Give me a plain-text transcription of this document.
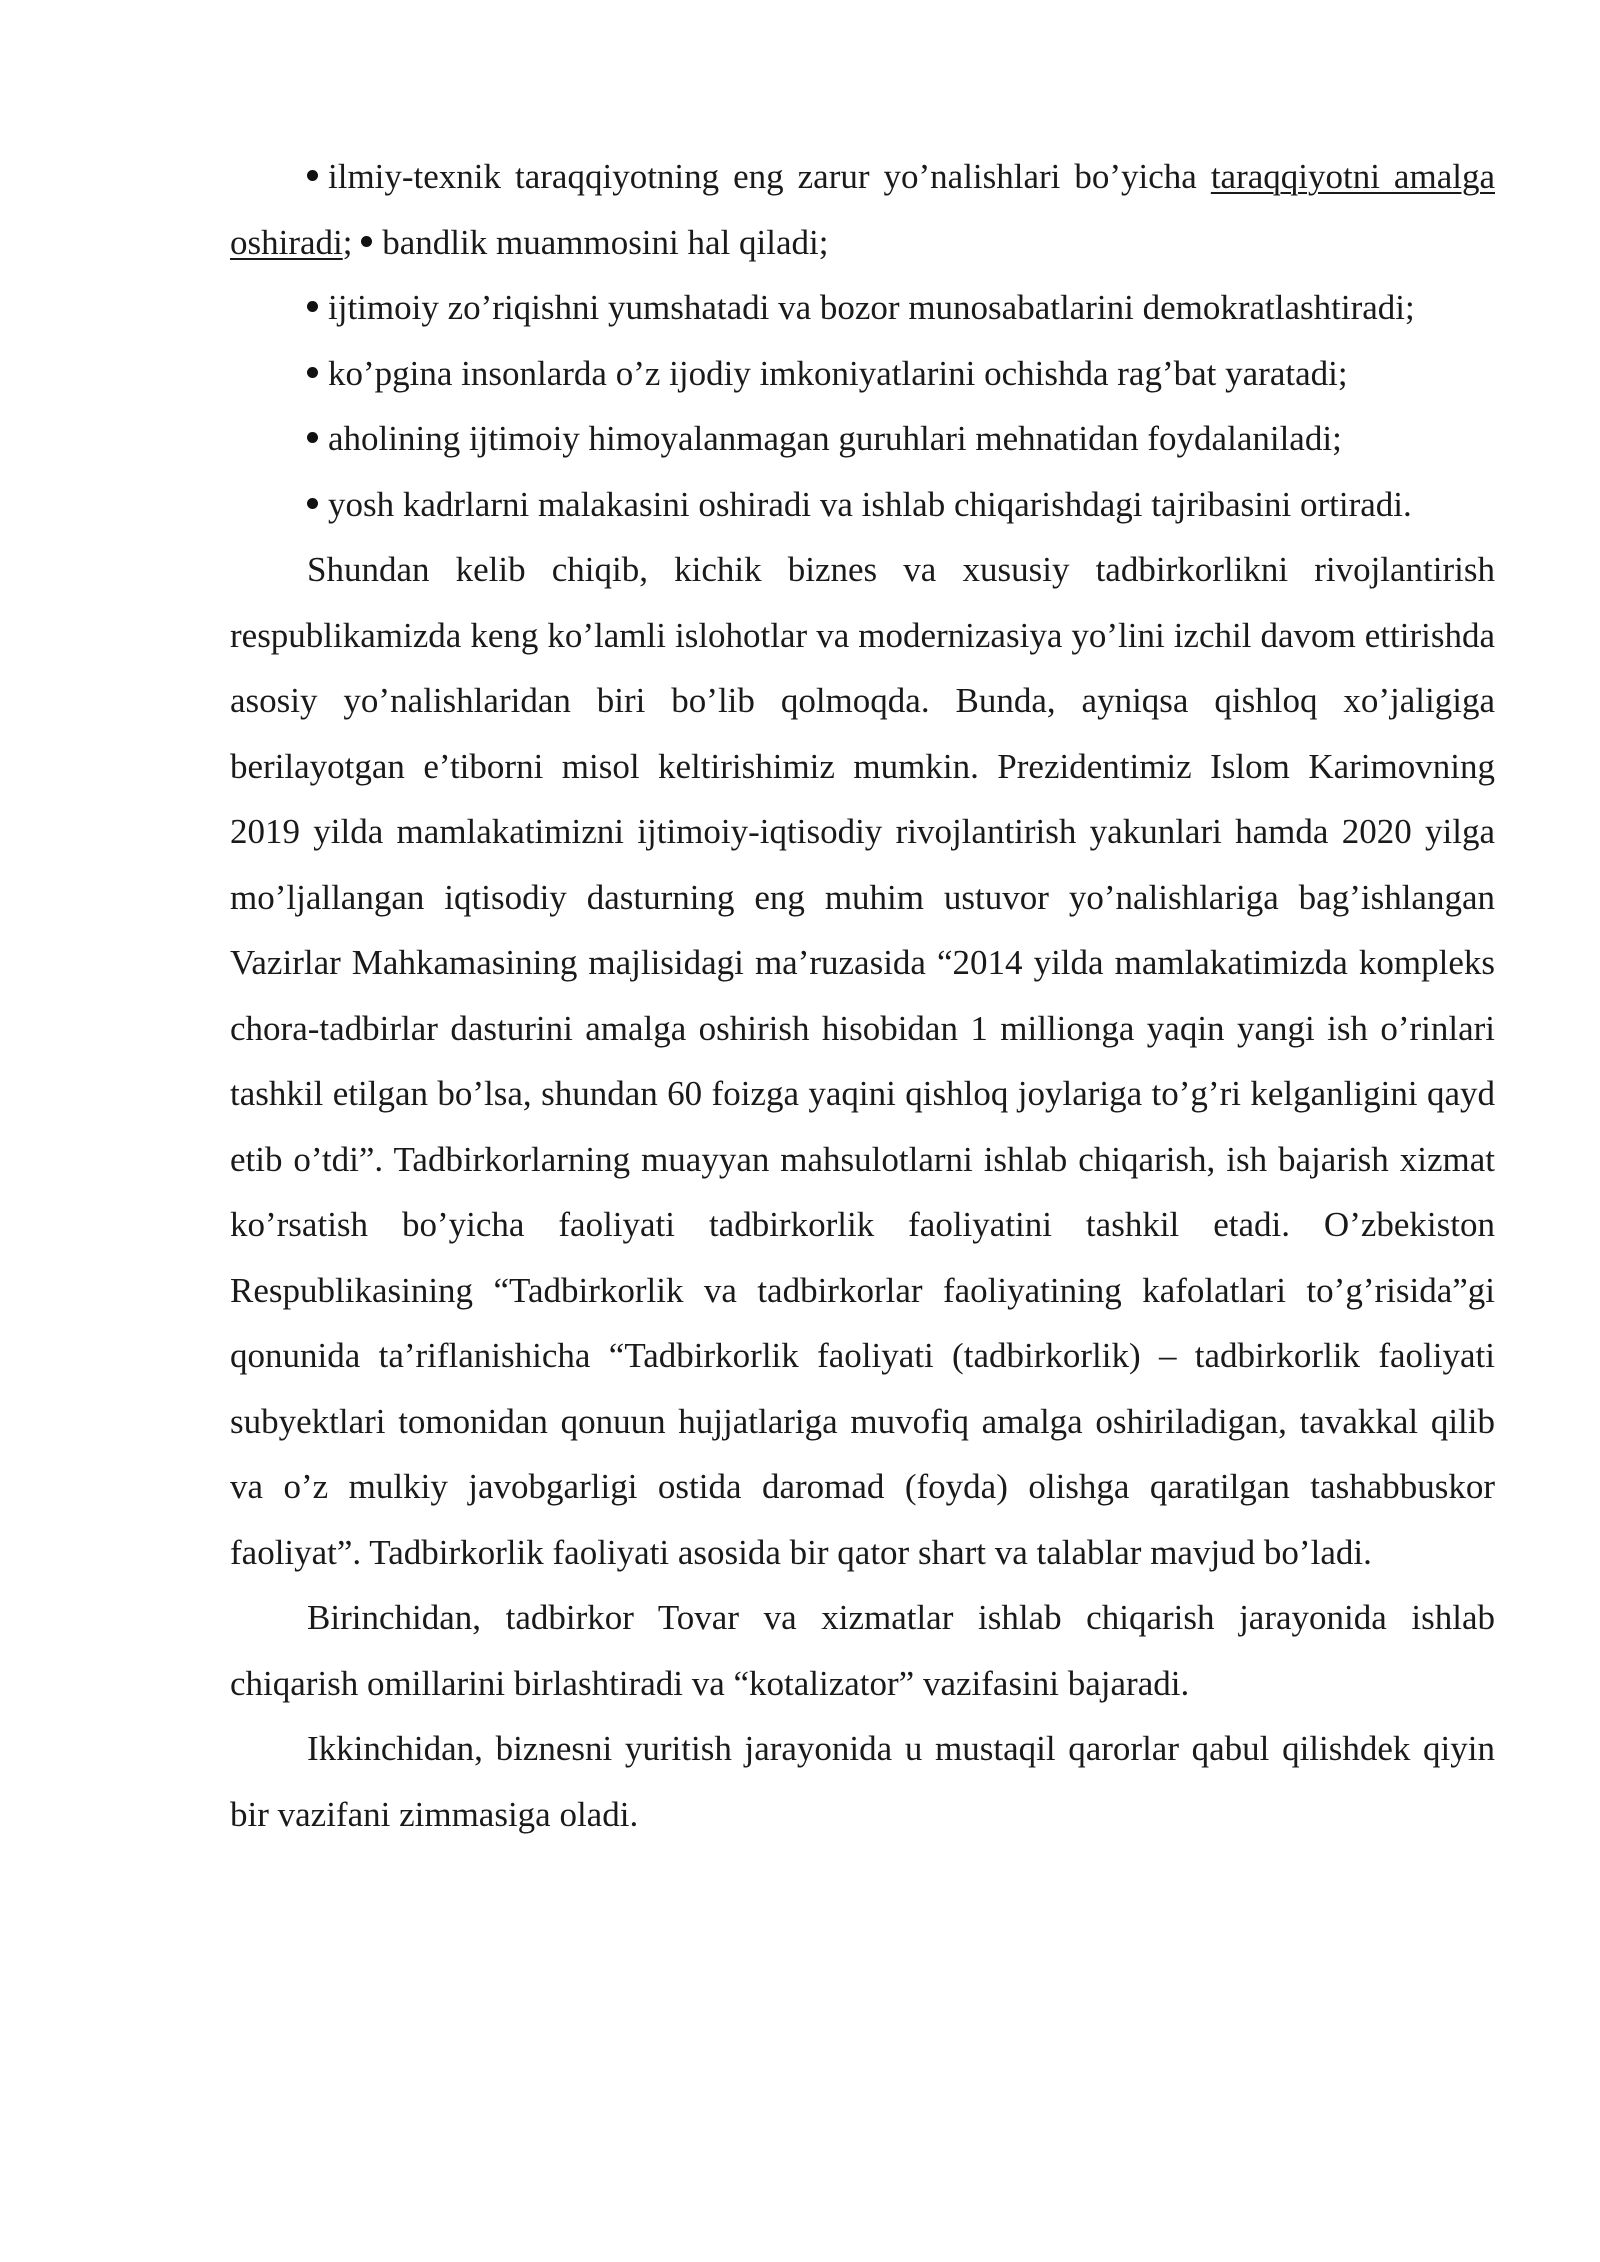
ilmiy-texnik taraqqiyotning eng zarur yo’nalishlari bo’yicha taraqqiyotni amalga oshiradi; bandlik muammosini hal qiladi;

ijtimoiy zo’riqishni yumshatadi va bozor munosabatlarini demokratlashtiradi;

ko’pgina insonlarda o’z ijodiy imkoniyatlarini ochishda rag’bat yaratadi;

aholining ijtimoiy himoyalanmagan guruhlari mehnatidan foydalaniladi;

yosh kadrlarni malakasini oshiradi va ishlab chiqarishdagi tajribasini ortiradi.

Shundan kelib chiqib, kichik biznes va xususiy tadbirkorlikni rivojlantirish respublikamizda keng ko’lamli islohotlar va modernizasiya yo’lini izchil davom ettirishda asosiy yo’nalishlaridan biri bo’lib qolmoqda. Bunda, ayniqsa qishloq xo’jaligiga berilayotgan e’tiborni misol keltirishimiz mumkin. Prezidentimiz Islom Karimovning 2019 yilda mamlakatimizni ijtimoiy-iqtisodiy rivojlantirish yakunlari hamda 2020 yilga mo’ljallangan iqtisodiy dasturning eng muhim ustuvor yo’nalishlariga bag’ishlangan Vazirlar Mahkamasining majlisidagi ma’ruzasida “2014 yilda mamlakatimizda kompleks chora-tadbirlar dasturini amalga oshirish hisobidan 1 millionga yaqin yangi ish o’rinlari tashkil etilgan bo’lsa, shundan 60 foizga yaqini qishloq joylariga to’g’ri kelganligini qayd etib o’tdi”. Tadbirkorlarning muayyan mahsulotlarni ishlab chiqarish, ish bajarish xizmat ko’rsatish bo’yicha faoliyati tadbirkorlik faoliyatini tashkil etadi. O’zbekiston Respublikasining “Tadbirkorlik va tadbirkorlar faoliyatining kafolatlari to’g’risida”gi qonunida ta’riflanishicha “Tadbirkorlik faoliyati (tadbirkorlik) – tadbirkorlik faoliyati subyektlari tomonidan qonuun hujjatlariga muvofiq amalga oshiriladigan, tavakkal qilib va o’z mulkiy javobgarligi ostida daromad (foyda) olishga qaratilgan tashabbuskor faoliyat”. Tadbirkorlik faoliyati asosida bir qator shart va talablar mavjud bo’ladi.

Birinchidan, tadbirkor Tovar va xizmatlar ishlab chiqarish jarayonida ishlab chiqarish omillarini birlashtiradi va “kotalizator” vazifasini bajaradi.

Ikkinchidan, biznesni yuritish jarayonida u mustaqil qarorlar qabul qilishdek qiyin bir vazifani zimmasiga oladi.
